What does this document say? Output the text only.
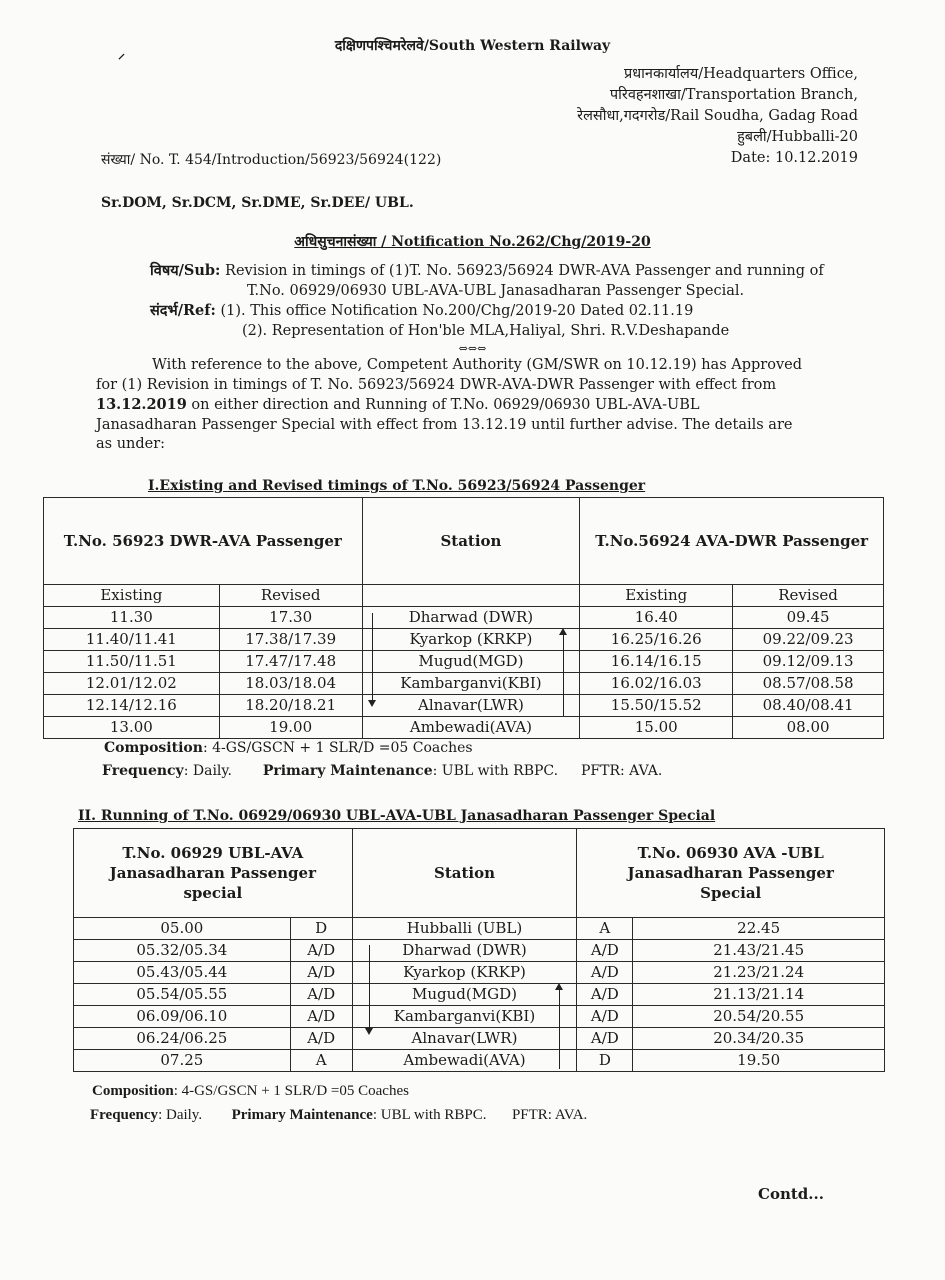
⸍
दक्षिणपश्चिमरेलवे/South Western Railway
प्रधानकार्यालय/Headquarters Office,
परिवहनशाखा/Transportation Branch,
रेलसौधा,गदगरोड/Rail Soudha, Gadag Road
हुबली/Hubballi-20
Date: 10.12.2019
संख्या/ No. T. 454/Introduction/56923/56924(122)
Sr.DOM, Sr.DCM, Sr.DME, Sr.DEE/ UBL.
अधिसुचनासंख्या / Notification No.262/Chg/2019-20
विषय/Sub: Revision in timings of (1)T. No. 56923/56924 DWR-AVA Passenger and running of
T.No. 06929/06930 UBL-AVA-UBL Janasadharan Passenger Special.
संदर्भ/Ref: (1). This office Notification No.200/Chg/2019-20 Dated 02.11.19
(2). Representation of Hon'ble MLA,Haliyal, Shri. R.V.Deshapande
⇔⇔⇔
With reference to the above, Competent Authority (GM/SWR on 10.12.19) has Approved
for (1) Revision in timings of T. No. 56923/56924 DWR-AVA-DWR Passenger with effect from
13.12.2019 on either direction and Running of T.No. 06929/06930 UBL-AVA-UBL
Janasadharan Passenger Special with effect from 13.12.19 until further advise. The details are
as under:
I.Existing and Revised timings of T.No. 56923/56924 Passenger
T.No. 56923 DWR-AVA Passenger		Station	T.No.56924 AVA-DWR Passenger	
Existing	Revised		Existing	Revised
11.30	17.30	Dharwad (DWR)	16.40	09.45
11.40/11.41	17.38/17.39	Kyarkop (KRKP)	16.25/16.26	09.22/09.23
11.50/11.51	17.47/17.48	Mugud(MGD)	16.14/16.15	09.12/09.13
12.01/12.02	18.03/18.04	Kambarganvi(KBI)	16.02/16.03	08.57/08.58
12.14/12.16	18.20/18.21	Alnavar(LWR)	15.50/15.52	08.40/08.41
13.00	19.00	Ambewadi(AVA)	15.00	08.00
Composition: 4-GS/GSCN + 1 SLR/D =05 Coaches
Frequency: Daily. Primary Maintenance: UBL with RBPC. PFTR: AVA.
II. Running of T.No. 06929/06930 UBL-AVA-UBL Janasadharan Passenger Special
T.No. 06929 UBL-AVA Janasadharan Passenger special		Station	T.No. 06930 AVA -UBL Janasadharan Passenger Special	
05.00	D	Hubballi (UBL)	A	22.45
05.32/05.34	A/D	Dharwad (DWR)	A/D	21.43/21.45
05.43/05.44	A/D	Kyarkop (KRKP)	A/D	21.23/21.24
05.54/05.55	A/D	Mugud(MGD)	A/D	21.13/21.14
06.09/06.10	A/D	Kambarganvi(KBI)	A/D	20.54/20.55
06.24/06.25	A/D	Alnavar(LWR)	A/D	20.34/20.35
07.25	A	Ambewadi(AVA)	D	19.50
Composition: 4-GS/GSCN + 1 SLR/D =05 Coaches
Frequency: Daily. Primary Maintenance: UBL with RBPC. PFTR: AVA.
Contd...
